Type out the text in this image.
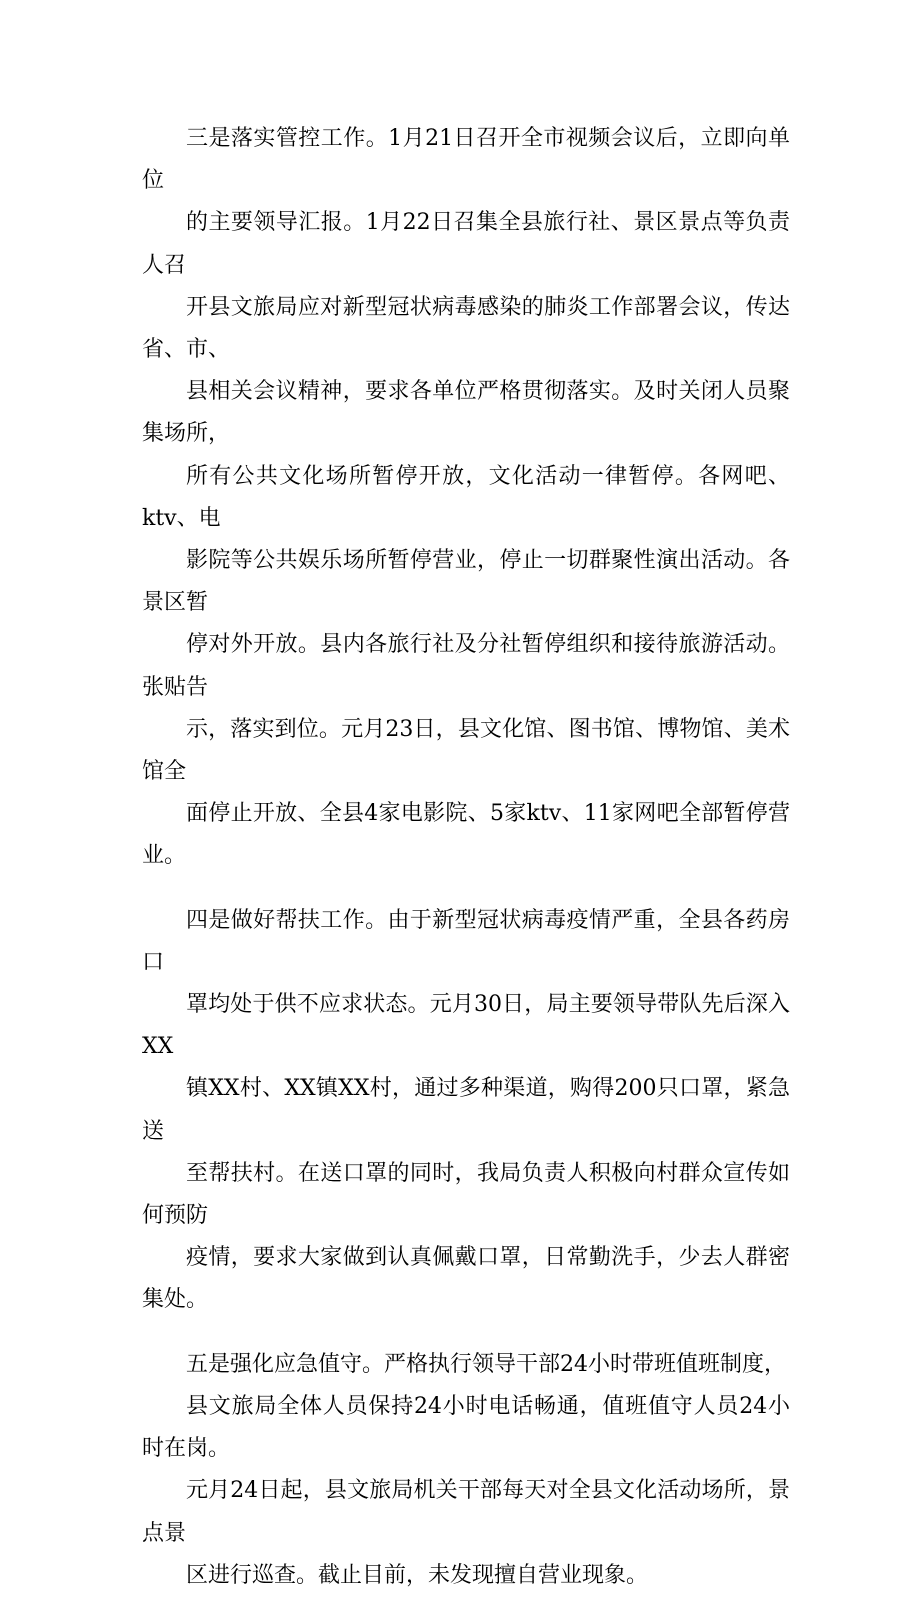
三是落实管控工作。1月21日召开全市视频会议后，立即向单位
的主要领导汇报。1月22日召集全县旅行社、景区景点等负责人召
开县文旅局应对新型冠状病毒感染的肺炎工作部署会议，传达省、市、
县相关会议精神，要求各单位严格贯彻落实。及时关闭人员聚集场所，
所有公共文化场所暂停开放，文化活动一律暂停。各网吧、ktv、电
影院等公共娱乐场所暂停营业，停止一切群聚性演出活动。各景区暂
停对外开放。县内各旅行社及分社暂停组织和接待旅游活动。张贴告
示，落实到位。元月23日，县文化馆、图书馆、博物馆、美术馆全
面停止开放、全县4家电影院、5家ktv、11家网吧全部暂停营业。

四是做好帮扶工作。由于新型冠状病毒疫情严重，全县各药房口
罩均处于供不应求状态。元月30日，局主要领导带队先后深入XX
镇XX村、XX镇XX村，通过多种渠道，购得200只口罩，紧急送
至帮扶村。在送口罩的同时，我局负责人积极向村群众宣传如何预防
疫情，要求大家做到认真佩戴口罩，日常勤洗手，少去人群密集处。

五是强化应急值守。严格执行领导干部24小时带班值班制度，
县文旅局全体人员保持24小时电话畅通，值班值守人员24小时在岗。
元月24日起，县文旅局机关干部每天对全县文化活动场所，景点景
区进行巡查。截止目前，未发现擅自营业现象。
